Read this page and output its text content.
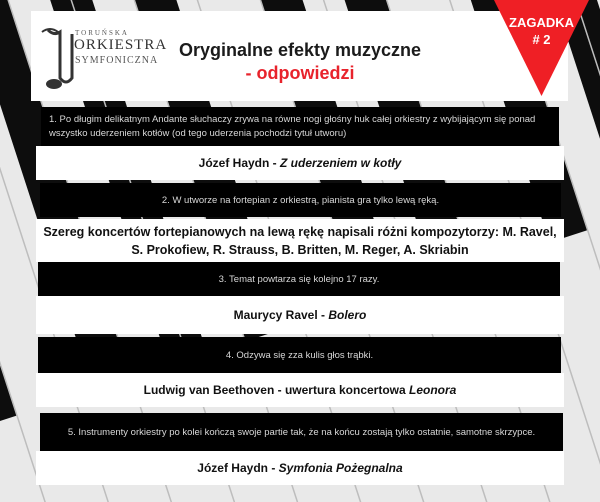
TORUŃSKA
ORKIESTRA
SYMFONICZNA
Oryginalne efekty muzyczne
- odpowiedzi
ZAGADKA
# 2
1. Po długim delikatnym Andante słuchaczy zrywa na równe nogi głośny huk całej orkiestry z wybijającym się ponad wszystko uderzeniem kotłów (od tego uderzenia pochodzi tytuł utworu)
Józef Haydn - Z uderzeniem w kotły
2. W utworze na fortepian z orkiestrą, pianista gra tylko lewą ręką.
Szereg koncertów fortepianowych na lewą rękę napisali różni kompozytorzy: M. Ravel, S. Prokofiew, R. Strauss, B. Britten, M. Reger, A. Skriabin
3. Temat powtarza się kolejno 17 razy.
Maurycy Ravel - Bolero
4. Odzywa się zza kulis głos trąbki.
Ludwig van Beethoven - uwertura koncertowa Leonora
5. Instrumenty orkiestry po kolei kończą swoje partie tak, że na końcu zostają tylko ostatnie, samotne skrzypce.
Józef Haydn - Symfonia Pożegnalna
